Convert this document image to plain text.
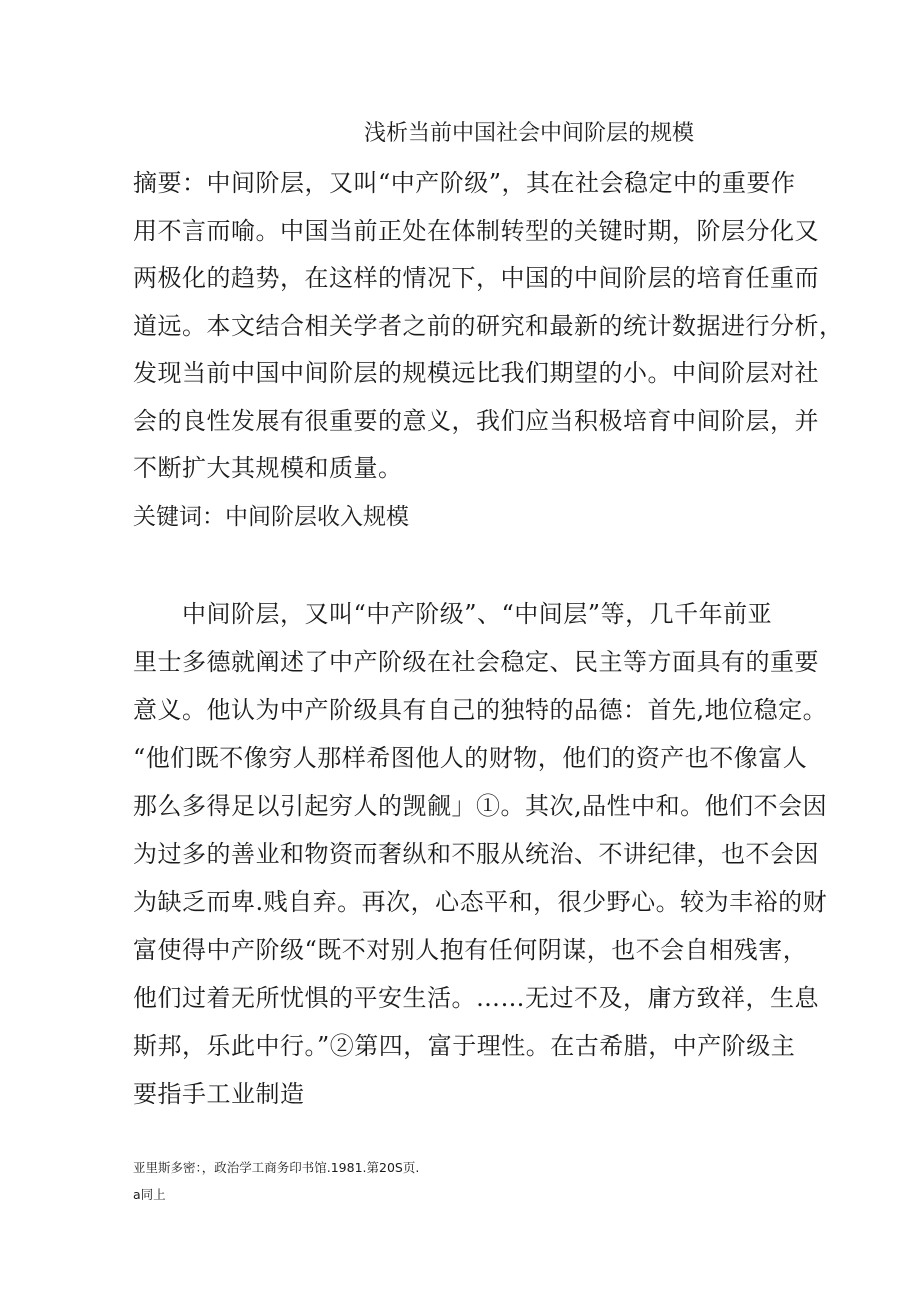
浅析当前中国社会中间阶层的规模
摘要：中间阶层，又叫“中产阶级”，其在社会稳定中的重要作
用不言而喻。中国当前正处在体制转型的关键时期，阶层分化又
两极化的趋势，在这样的情况下，中国的中间阶层的培育任重而
道远。本文结合相关学者之前的研究和最新的统计数据进行分析，
发现当前中国中间阶层的规模远比我们期望的小。中间阶层对社
会的良性发展有很重要的意义，我们应当积极培育中间阶层，并
不断扩大其规模和质量。
关键词：中间阶层收入规模
　　中间阶层，又叫“中产阶级”、“中间层”等，几千年前亚
里士多德就阐述了中产阶级在社会稳定、民主等方面具有的重要
意义。他认为中产阶级具有自己的独特的品德：首先,地位稳定。
“他们既不像穷人那样希图他人的财物，他们的资产也不像富人
那么多得足以引起穷人的觊觎」①。其次,品性中和。他们不会因
为过多的善业和物资而奢纵和不服从统治、不讲纪律，也不会因
为缺乏而卑.贱自弃。再次，心态平和，很少野心。较为丰裕的财
富使得中产阶级“既不对别人抱有任何阴谋，也不会自相残害，
他们过着无所忧惧的平安生活。……无过不及，庸方致祥，生息
斯邦，乐此中行。”②第四，富于理性。在古希腊，中产阶级主
要指手工业制造
亚里斯多密：，政治学工商务印书馆.1981.第20S页.
a同上
